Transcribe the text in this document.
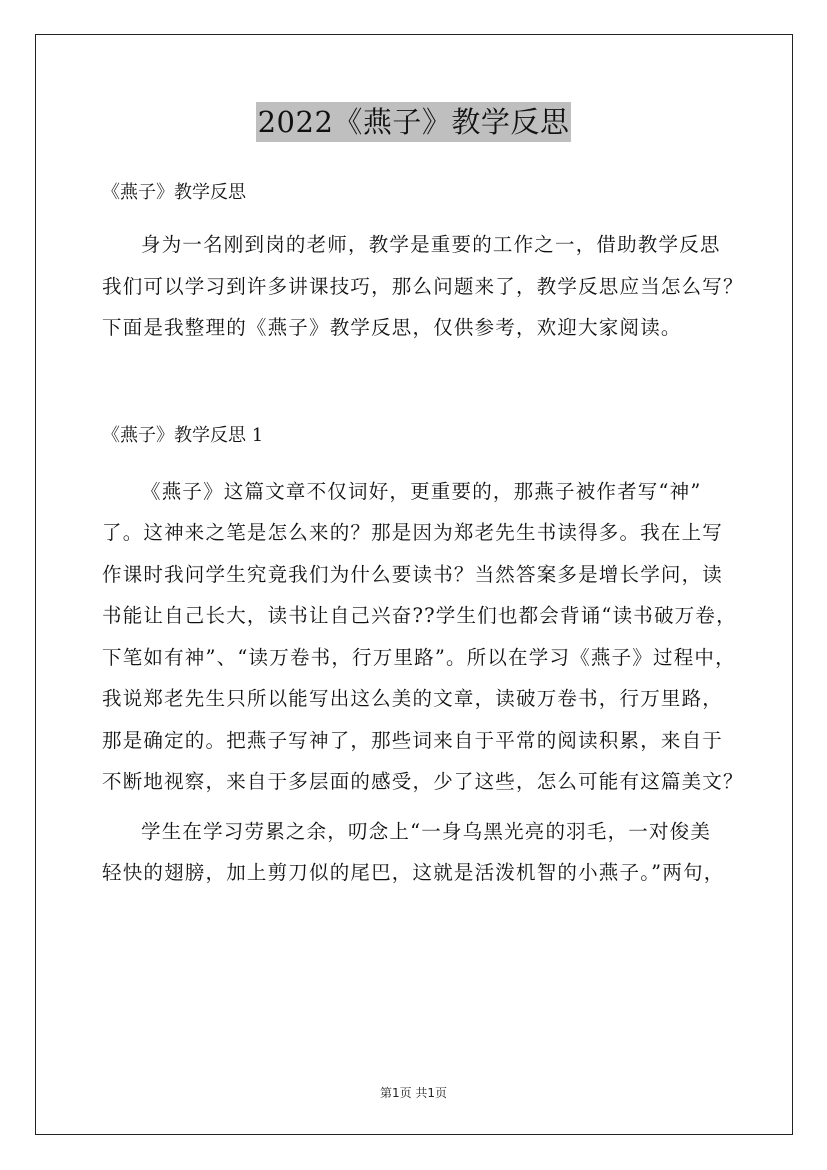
2022《燕子》教学反思

《燕子》教学反思

身为一名刚到岗的老师，教学是重要的工作之一，借助教学反思
我们可以学习到许多讲课技巧，那么问题来了，教学反思应当怎么写？
下面是我整理的《燕子》教学反思，仅供参考，欢迎大家阅读。

《燕子》教学反思 1

《燕子》这篇文章不仅词好，更重要的，那燕子被作者写“神”
了。这神来之笔是怎么来的？那是因为郑老先生书读得多。我在上写
作课时我问学生究竟我们为什么要读书？当然答案多是增长学问，读
书能让自己长大，读书让自己兴奋??学生们也都会背诵“读书破万卷，
下笔如有神”、“读万卷书，行万里路”。所以在学习《燕子》过程中，
我说郑老先生只所以能写出这么美的文章，读破万卷书，行万里路，
那是确定的。把燕子写神了，那些词来自于平常的阅读积累，来自于
不断地视察，来自于多层面的感受，少了这些，怎么可能有这篇美文？
学生在学习劳累之余，叨念上“一身乌黑光亮的羽毛，一对俊美
轻快的翅膀，加上剪刀似的尾巴，这就是活泼机智的小燕子。”两句，
第1页 共1页
